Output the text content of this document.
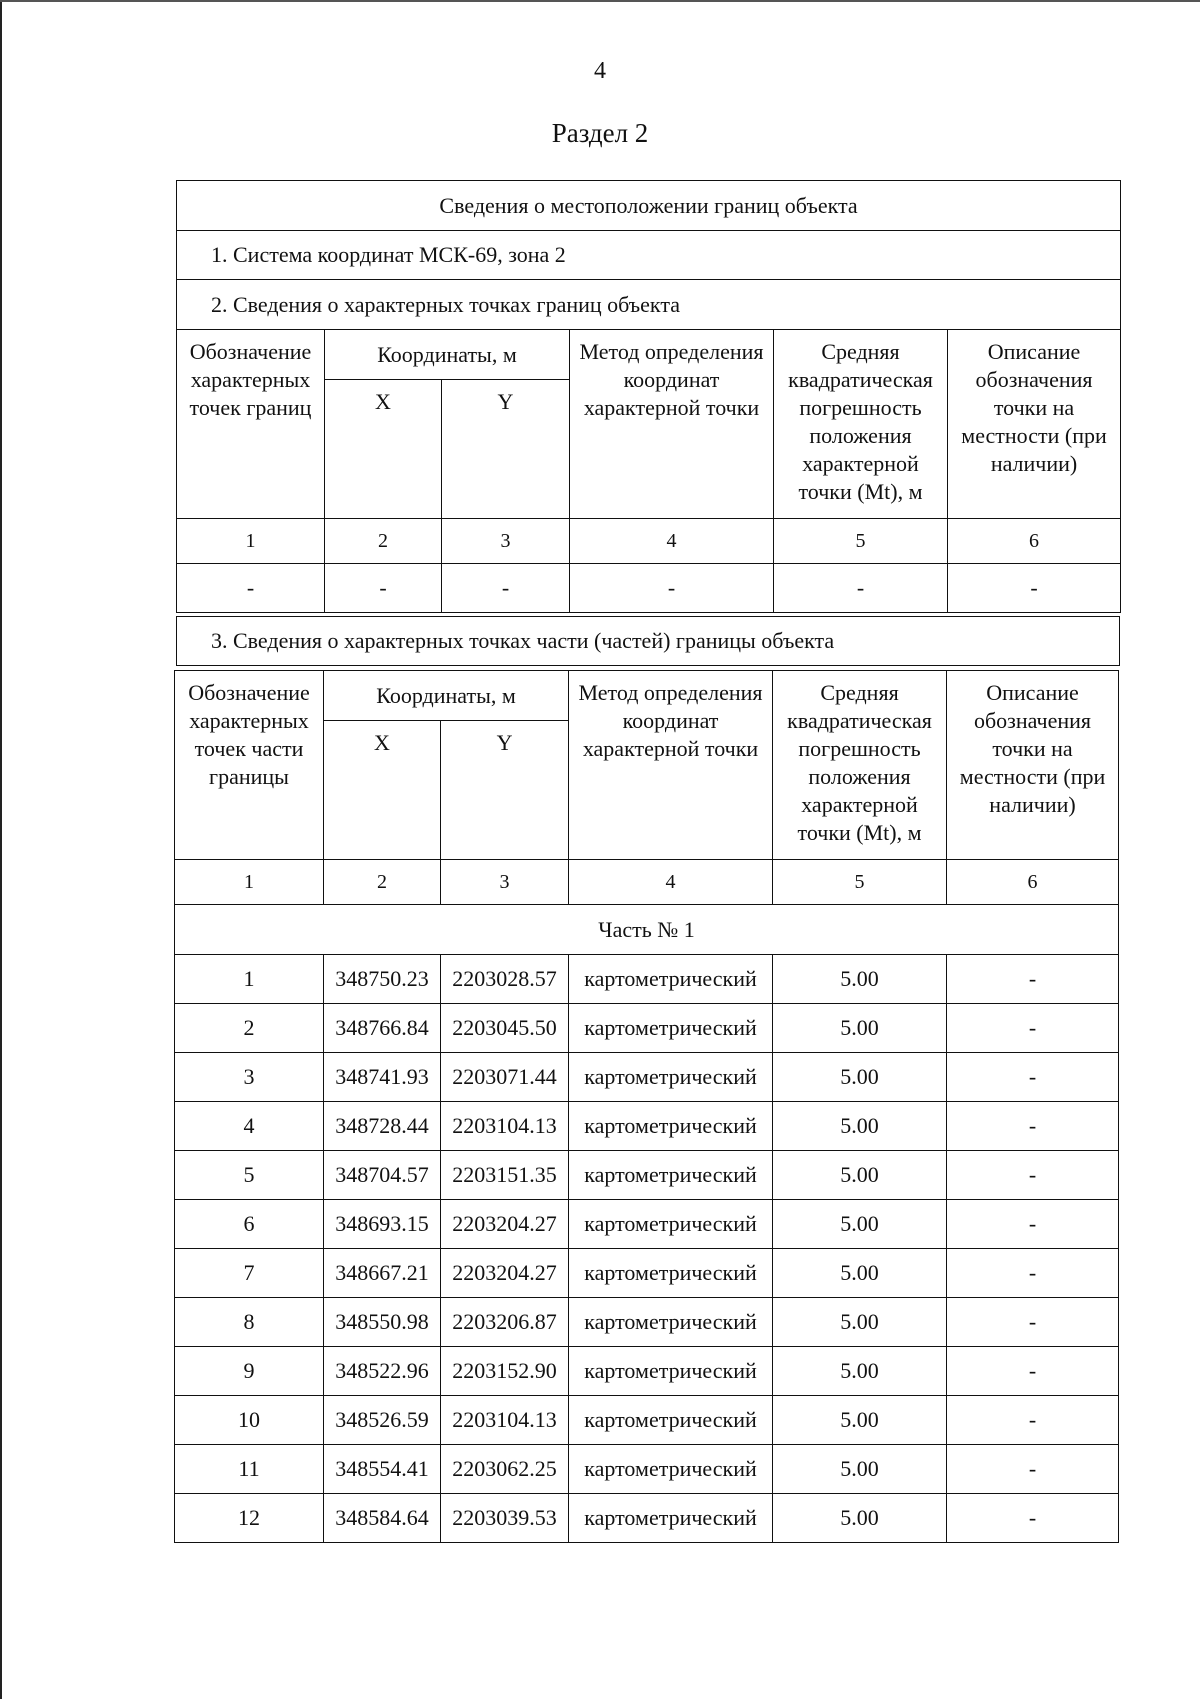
4
Раздел 2
Сведения о местоположении границ объекта					
1. Система координат МСК-69, зона 2					
2. Сведения о характерных точках границ объекта					
Обозначение характерных точек границ	Координаты, м		Метод определения координат характерной точки	Средняя квадратическая погрешность положения характерной точки (Mt), м	Описание обозначения точки на местности (при наличии)
	X	Y			
1	2	3	4	5	6
-	-	-	-	-	-
3. Сведения о характерных точках части (частей) границы объекта
Обозначение характерных точек части границы	Координаты, м		Метод определения координат характерной точки	Средняя квадратическая погрешность положения характерной точки (Mt), м	Описание обозначения точки на местности (при наличии)
	X	Y			
1	2	3	4	5	6
Часть № 1					
1	348750.23	2203028.57	картометрический	5.00	-
2	348766.84	2203045.50	картометрический	5.00	-
3	348741.93	2203071.44	картометрический	5.00	-
4	348728.44	2203104.13	картометрический	5.00	-
5	348704.57	2203151.35	картометрический	5.00	-
6	348693.15	2203204.27	картометрический	5.00	-
7	348667.21	2203204.27	картометрический	5.00	-
8	348550.98	2203206.87	картометрический	5.00	-
9	348522.96	2203152.90	картометрический	5.00	-
10	348526.59	2203104.13	картометрический	5.00	-
11	348554.41	2203062.25	картометрический	5.00	-
12	348584.64	2203039.53	картометрический	5.00	-
